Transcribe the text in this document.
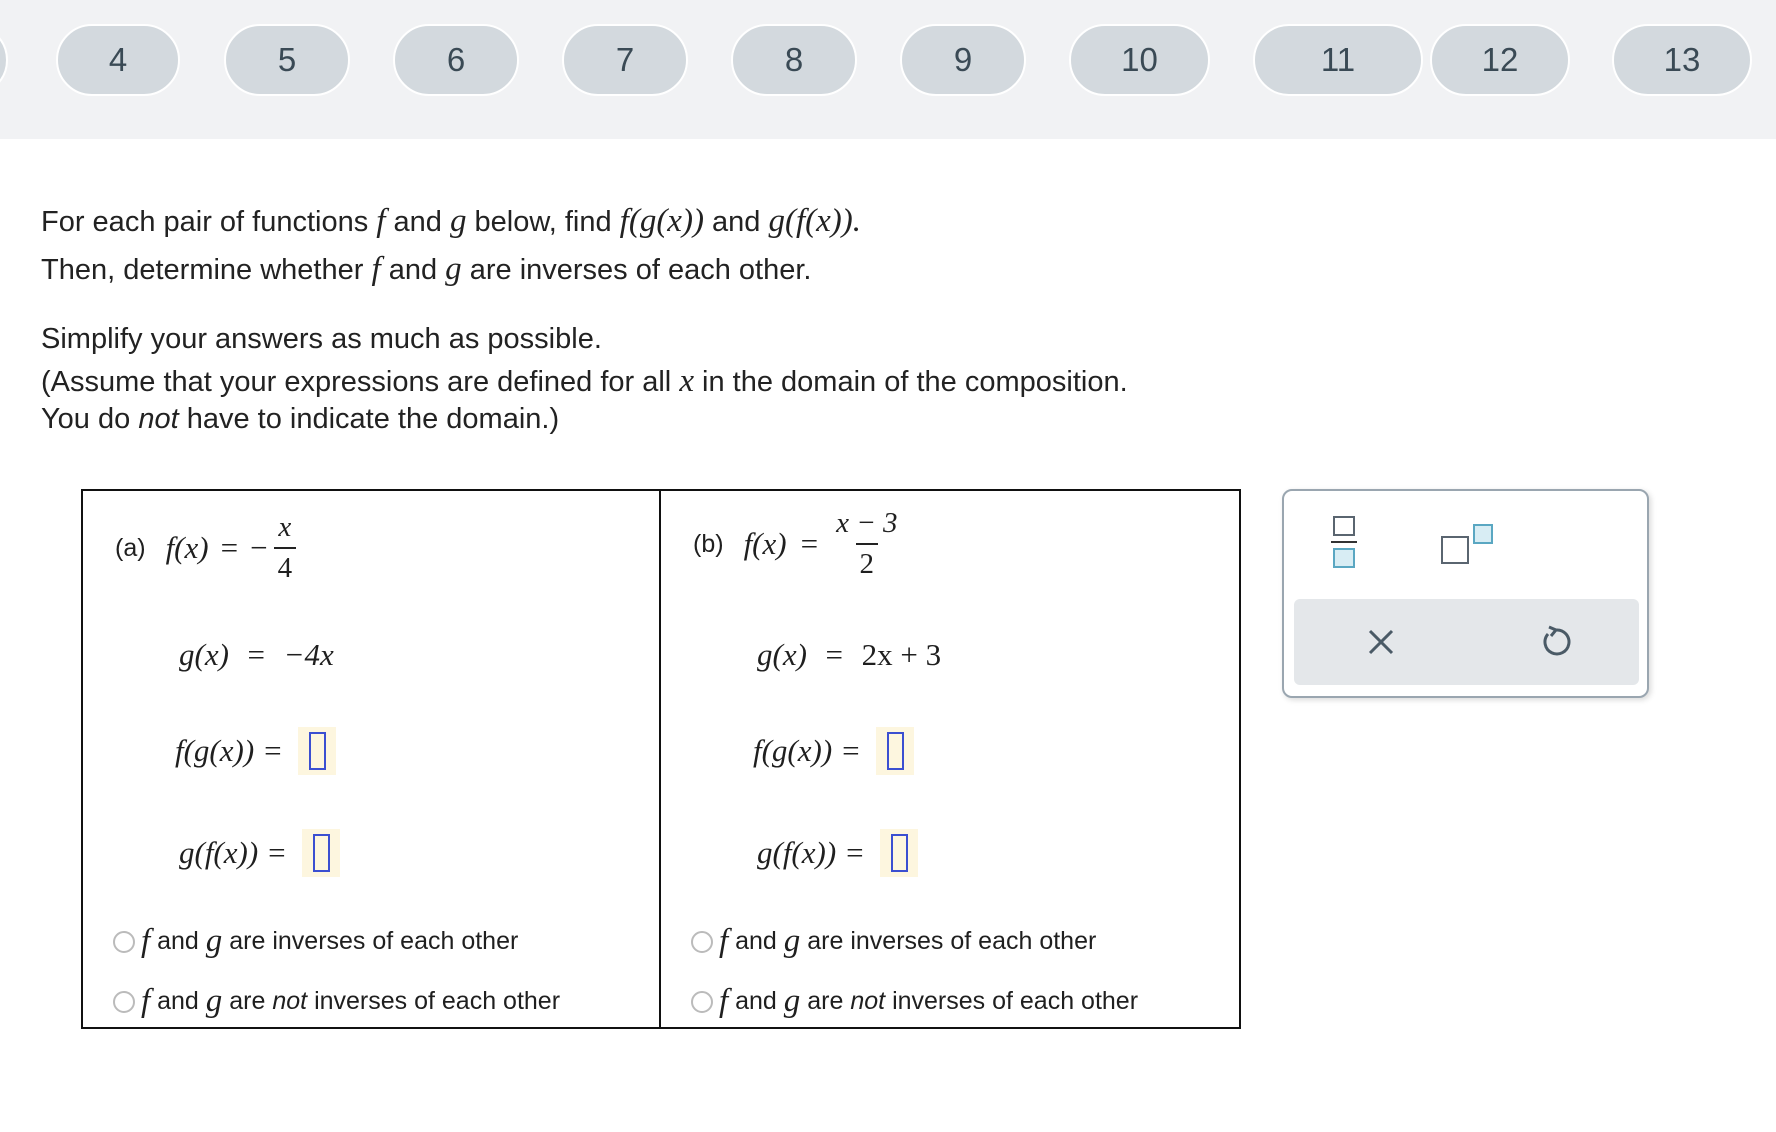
4	5	6	7	8	9	10	11	12	13
For each pair of functions f and g below, find f(g(x)) and g(f(x)).
Then, determine whether f and g are inverses of each other.
Simplify your answers as much as possible.
(Assume that your expressions are defined for all x in the domain of the composition.
You do not have to indicate the domain.)
(a) f(x) = − $\frac{x}{4}$
g(x) = −4x
f(g(x)) =
g(f(x)) =
f
and
g
are inverses of each other
f
and
g
are
not
inverses of each other
(b) $f(x) = \frac{x - 3}{2}$
g(x) = 2x + 3
f(g(x)) =
g(f(x)) =
f
and
g
are inverses of each other
f
and
g
are
not
inverses of each other
